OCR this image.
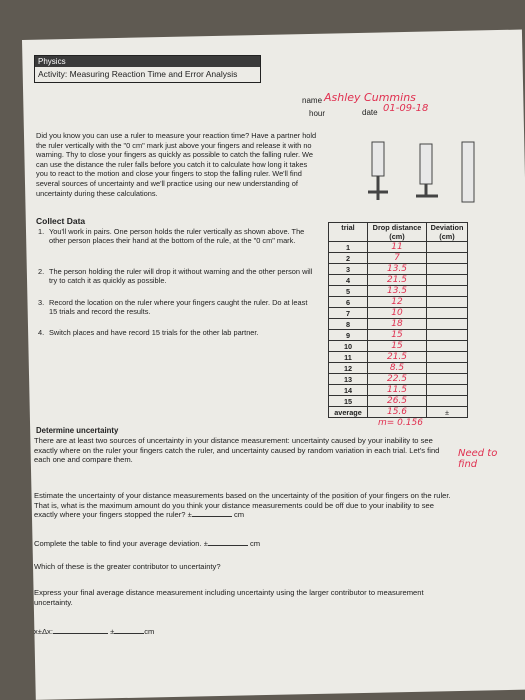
Physics
Activity: Measuring Reaction Time and Error Analysis
name Ashley Cummins
hour	date 01-09-18
Did you know you can use a ruler to measure your reaction time? Have a partner hold the ruler vertically with the "0 cm" mark just above your fingers and release it with no warning. Thy to close your fingers as quickly as possible to catch the falling ruler. We can use the distance the ruler falls before you catch it to calculate how long it takes you to react to the motion and close your fingers to stop the falling ruler. We'll find several sources of uncertainty and we'll practice using our new understanding of uncertainty during these calculations.
Collect Data
1. You'll work in pairs. One person holds the ruler vertically as shown above. The other person places their hand at the bottom of the rule, at the "0 cm" mark.
2. The person holding the ruler will drop it without warning and the other person will try to catch it as quickly as possible.
3. Record the location on the ruler where your fingers caught the ruler. Do at least 15 trials and record the results.
4. Switch places and have record 15 trials for the other lab partner.
trial	Drop distance (cm)	Deviation (cm)
1	11	
2	7	
3	13.5	
4	21.5	
5	13.5	
6	12	
7	10	
8	18	
9	15	
10	15	
11	21.5	
12	8.5	
13	22.5	
14	11.5	
15	26.5	
average	15.6	±
m= 0.156
Need to find
Determine uncertainty
There are at least two sources of uncertainty in your distance measurement: uncertainty caused by your inability to see exactly where on the ruler your fingers catch the ruler, and uncertainty caused by random variation in each trial. Let's find each one and compare them.
Estimate the uncertainty of your distance measurements based on the uncertainty of the position of your fingers on the ruler. That is, what is the maximum amount do you think your distance measurements could be off due to your inability to see exactly where your fingers stopped the ruler? ±	cm
Complete the table to find your average deviation. ±	cm
Which of these is the greater contributor to uncertainty?
Express your final average distance measurement including uncertainty using the larger contributor to measurement uncertainty.
x±Δx:	±	cm
